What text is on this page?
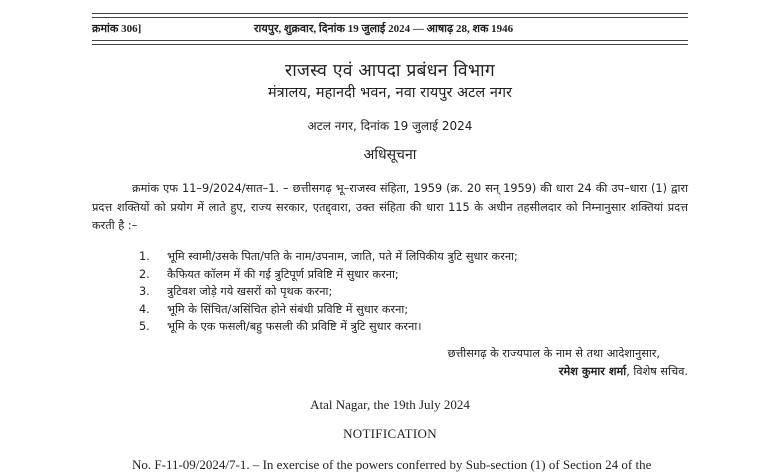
क्रमांक 306]	रायपुर, शुक्रवार, दिनांक 19 जुलाई 2024 — आषाढ़ 28, शक 1946
राजस्व एवं आपदा प्रबंधन विभाग
मंत्रालय, महानदी भवन, नवा रायपुर अटल नगर
अटल नगर, दिनांक 19 जुलाई 2024
अधिसूचना
क्रमांक एफ 11–9/2024/सात–1. – छत्तीसगढ़ भू–राजस्व संहिता, 1959 (क्र. 20 सन् 1959) की धारा 24 की उप–धारा (1) द्वारा प्रदत्त शक्तियों को प्रयोग में लाते हुए, राज्य सरकार, एतद्द्वारा, उक्त संहिता की धारा 115 के अधीन तहसीलदार को निम्नानुसार शक्तियां प्रदत्त करती है :–
1. भूमि स्वामी/उसके पिता/पति के नाम/उपनाम, जाति, पते में लिपिकीय त्रुटि सुधार करना;
2. कैफियत कॉलम में की गई त्रुटिपूर्ण प्रविष्टि में सुधार करना;
3. त्रुटिवश जोड़े गये खसरों को पृथक करना;
4. भूमि के सिंचित/असिंचित होने संबंधी प्रविष्टि में सुधार करना;
5. भूमि के एक फसली/बहु फसली की प्रविष्टि में त्रुटि सुधार करना।
छत्तीसगढ़ के राज्यपाल के नाम से तथा आदेशानुसार,
रमेश कुमार शर्मा, विशेष सचिव.
Atal Nagar, the 19th July 2024
NOTIFICATION
No. F-11-09/2024/7-1. – In exercise of the powers conferred by Sub-section (1) of Section 24 of the
